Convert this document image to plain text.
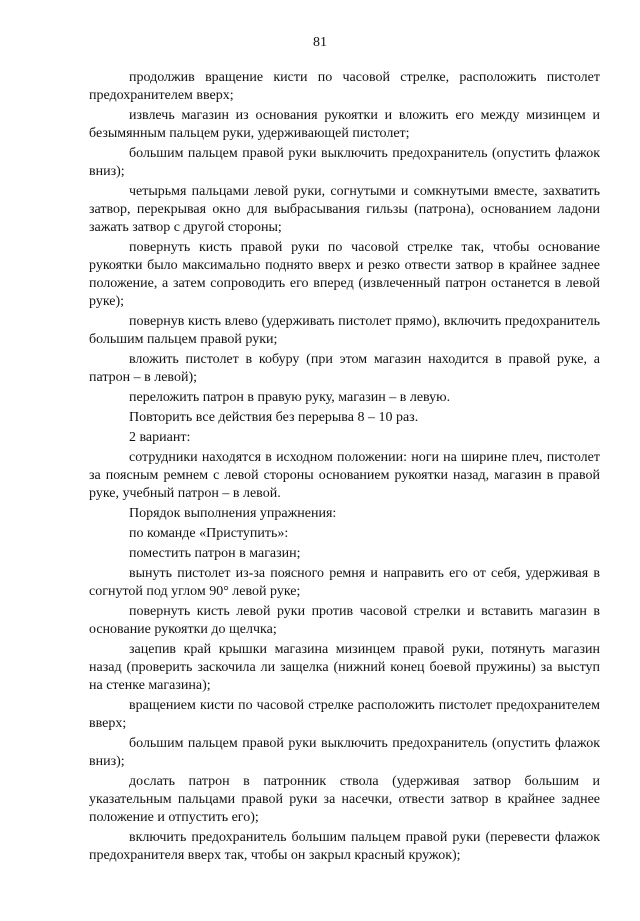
81

продолжив вращение кисти по часовой стрелке, расположить пистолет предохранителем вверх;

извлечь магазин из основания рукоятки и вложить его между мизинцем и безымянным пальцем руки, удерживающей пистолет;

большим пальцем правой руки выключить предохранитель (опустить флажок вниз);

четырьмя пальцами левой руки, согнутыми и сомкнутыми вместе, захватить затвор, перекрывая окно для выбрасывания гильзы (патрона), основанием ладони зажать затвор с другой стороны;

повернуть кисть правой руки по часовой стрелке так, чтобы основание рукоятки было максимально поднято вверх и резко отвести затвор в крайнее заднее положение, а затем сопроводить его вперед (извлеченный патрон останется в левой руке);

повернув кисть влево (удерживать пистолет прямо), включить предохранитель большим пальцем правой руки;

вложить пистолет в кобуру (при этом магазин находится в правой руке, а патрон – в левой);

переложить патрон в правую руку, магазин – в левую.

Повторить все действия без перерыва 8 – 10 раз.

2 вариант:

сотрудники находятся в исходном положении: ноги на ширине плеч, пистолет за поясным ремнем с левой стороны основанием рукоятки назад, магазин в правой руке, учебный патрон – в левой.

Порядок выполнения упражнения:

по команде «Приступить»:

поместить патрон в магазин;

вынуть пистолет из-за поясного ремня и направить его от себя, удерживая в согнутой под углом 90° левой руке;

повернуть кисть левой руки против часовой стрелки и вставить магазин в основание рукоятки до щелчка;

зацепив край крышки магазина мизинцем правой руки, потянуть магазин назад (проверить заскочила ли защелка (нижний конец боевой пружины) за выступ на стенке магазина);

вращением кисти по часовой стрелке расположить пистолет предохранителем вверх;

большим пальцем правой руки выключить предохранитель (опустить флажок вниз);

дослать патрон в патронник ствола (удерживая затвор большим и указательным пальцами правой руки за насечки, отвести затвор в крайнее заднее положение и отпустить его);

включить предохранитель большим пальцем правой руки (перевести флажок предохранителя вверх так, чтобы он закрыл красный кружок);
